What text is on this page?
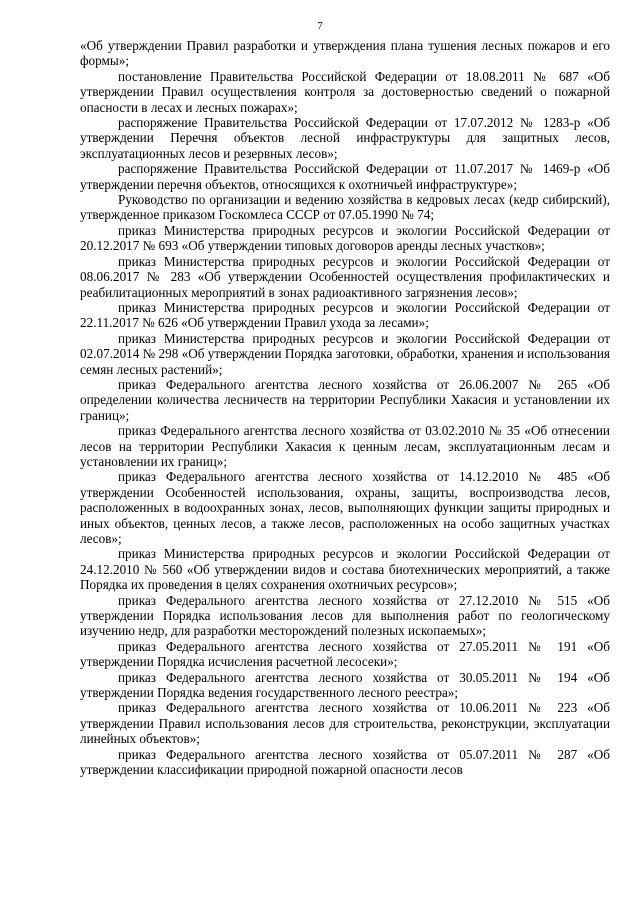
7

«Об утверждении Правил разработки и утверждения плана тушения лесных пожаров и его формы»;

постановление Правительства Российской Федерации от 18.08.2011 № 687 «Об утверждении Правил осуществления контроля за достоверностью сведений о пожарной опасности в лесах и лесных пожарах»;

распоряжение Правительства Российской Федерации от 17.07.2012 № 1283-р «Об утверждении Перечня объектов лесной инфраструктуры для защитных лесов, эксплуатационных лесов и резервных лесов»;

распоряжение Правительства Российской Федерации от 11.07.2017 № 1469-р «Об утверждении перечня объектов, относящихся к охотничьей инфраструктуре»;

Руководство по организации и ведению хозяйства в кедровых лесах (кедр сибирский), утвержденное приказом Госкомлеса СССР от 07.05.1990 № 74;

приказ Министерства природных ресурсов и экологии Российской Федерации от 20.12.2017 № 693 «Об утверждении типовых договоров аренды лесных участков»;

приказ Министерства природных ресурсов и экологии Российской Федерации от 08.06.2017 № 283 «Об утверждении Особенностей осуществления профилактических и реабилитационных мероприятий в зонах радиоактивного загрязнения лесов»;

приказ Министерства природных ресурсов и экологии Российской Федерации от 22.11.2017 № 626 «Об утверждении Правил ухода за лесами»;

приказ Министерства природных ресурсов и экологии Российской Федерации от 02.07.2014 № 298 «Об утверждении Порядка заготовки, обработки, хранения и использования семян лесных растений»;

приказ Федерального агентства лесного хозяйства от 26.06.2007 № 265 «Об определении количества лесничеств на территории Республики Хакасия и установлении их границ»;

приказ Федерального агентства лесного хозяйства от 03.02.2010 № 35 «Об отнесении лесов на территории Республики Хакасия к ценным лесам, эксплуатационным лесам и установлении их границ»;

приказ Федерального агентства лесного хозяйства от 14.12.2010 № 485 «Об утверждении Особенностей использования, охраны, защиты, воспроизводства лесов, расположенных в водоохранных зонах, лесов, выполняющих функции защиты природных и иных объектов, ценных лесов, а также лесов, расположенных на особо защитных участках лесов»;

приказ Министерства природных ресурсов и экологии Российской Федерации от 24.12.2010 № 560 «Об утверждении видов и состава биотехнических мероприятий, а также Порядка их проведения в целях сохранения охотничьих ресурсов»;

приказ Федерального агентства лесного хозяйства от 27.12.2010 № 515 «Об утверждении Порядка использования лесов для выполнения работ по геологическому изучению недр, для разработки месторождений полезных ископаемых»;

приказ Федерального агентства лесного хозяйства от 27.05.2011 № 191 «Об утверждении Порядка исчисления расчетной лесосеки»;

приказ Федерального агентства лесного хозяйства от 30.05.2011 № 194 «Об утверждении Порядка ведения государственного лесного реестра»;

приказ Федерального агентства лесного хозяйства от 10.06.2011 № 223 «Об утверждении Правил использования лесов для строительства, реконструкции, эксплуатации линейных объектов»;

приказ Федерального агентства лесного хозяйства от 05.07.2011 № 287 «Об утверждении классификации природной пожарной опасности лесов
